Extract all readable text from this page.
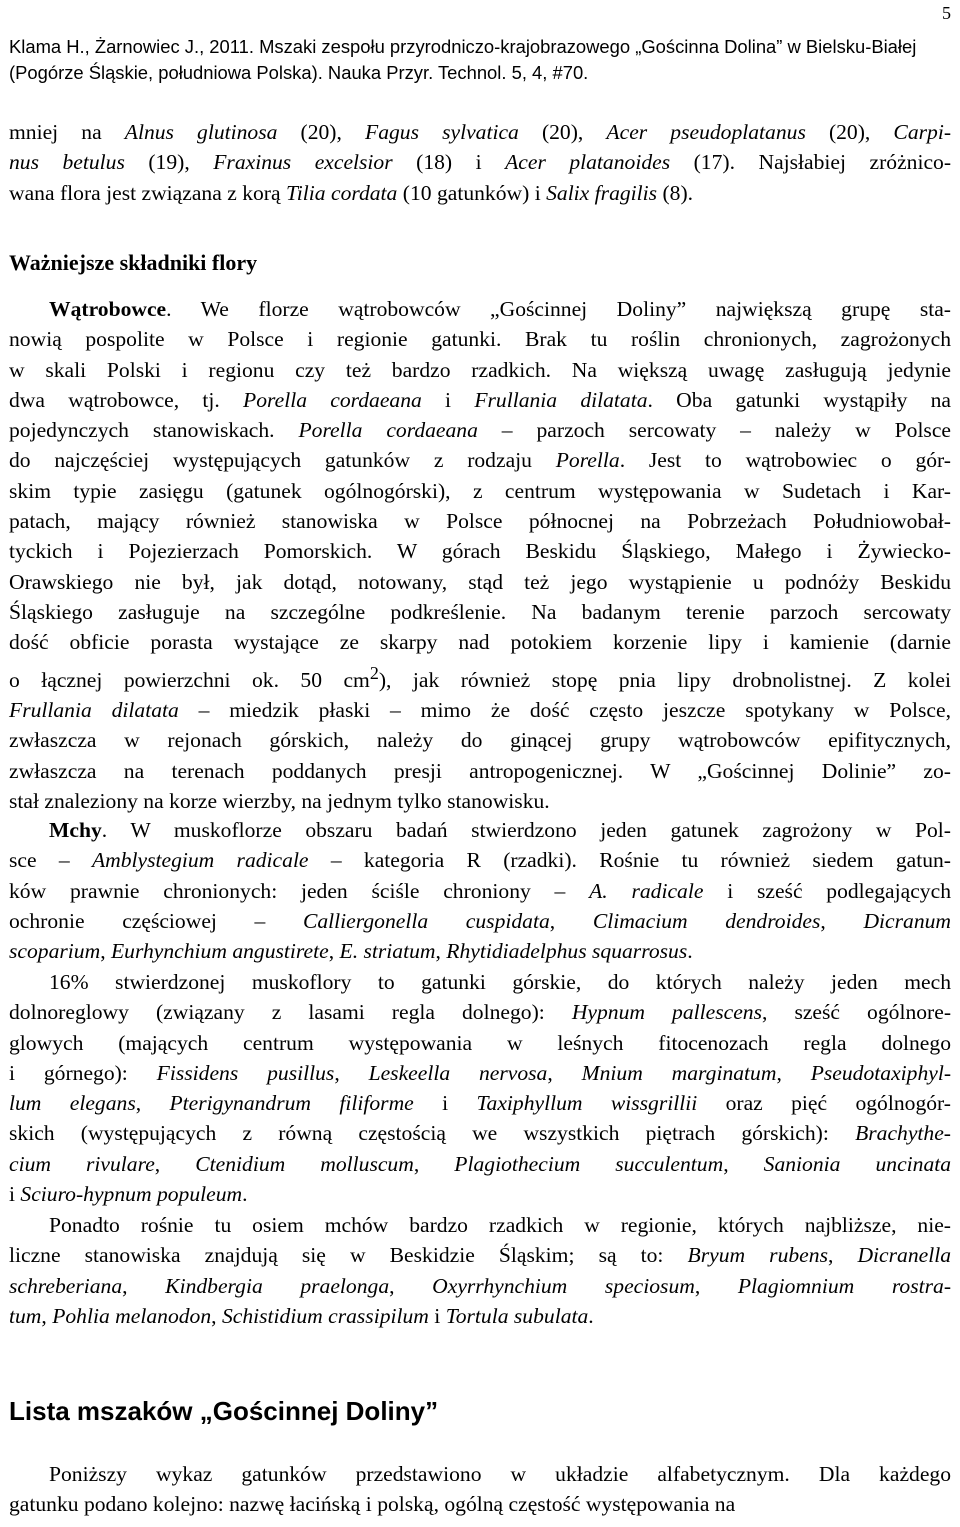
5
Klama H., Żarnowiec J., 2011. Mszaki zespołu przyrodniczo-krajobrazowego „Gościnna Dolina” w Bielsku-Białej
(Pogórze Śląskie, południowa Polska). Nauka Przyr. Technol. 5, 4, #70.
mniej na Alnus glutinosa (20), Fagus sylvatica (20), Acer pseudoplatanus (20), Carpi-
nus betulus (19), Fraxinus excelsior (18) i Acer platanoides (17). Najsłabiej zróżnico-
wana flora jest związana z korą Tilia cordata (10 gatunków) i Salix fragilis (8).
Ważniejsze składniki flory
Wątrobowce. We florze wątrobowców „Gościnnej Doliny” największą grupę sta-
nowią pospolite w Polsce i regionie gatunki. Brak tu roślin chronionych, zagrożonych
w skali Polski i regionu czy też bardzo rzadkich. Na większą uwagę zasługują jedynie
dwa wątrobowce, tj. Porella cordaeana i Frullania dilatata. Oba gatunki wystąpiły na
pojedynczych stanowiskach. Porella cordaeana – parzoch sercowaty – należy w Polsce
do najczęściej występujących gatunków z rodzaju Porella. Jest to wątrobowiec o gór-
skim typie zasięgu (gatunek ogólnogórski), z centrum występowania w Sudetach i Kar-
patach, mający również stanowiska w Polsce północnej na Pobrzeżach Południowobał-
tyckich i Pojezierzach Pomorskich. W górach Beskidu Śląskiego, Małego i Żywiecko-
Orawskiego nie był, jak dotąd, notowany, stąd też jego wystąpienie u podnóży Beskidu
Śląskiego zasługuje na szczególne podkreślenie. Na badanym terenie parzoch sercowaty
dość obficie porasta wystające ze skarpy nad potokiem korzenie lipy i kamienie (darnie
o łącznej powierzchni ok. 50 $cm^2$), jak również stopę pnia lipy drobnolistnej. Z kolei
Frullania dilatata – miedzik płaski – mimo że dość często jeszcze spotykany w Polsce,
zwłaszcza w rejonach górskich, należy do ginącej grupy wątrobowców epifitycznych,
zwłaszcza na terenach poddanych presji antropogenicznej. W „Gościnnej Dolinie” zo-
stał znaleziony na korze wierzby, na jednym tylko stanowisku.
Mchy. W muskoflorze obszaru badań stwierdzono jeden gatunek zagrożony w Pol-
sce – Amblystegium radicale – kategoria R (rzadki). Rośnie tu również siedem gatun-
ków prawnie chronionych: jeden ściśle chroniony – A. radicale i sześć podlegających
ochronie częściowej – Calliergonella cuspidata, Climacium dendroides, Dicranum
scoparium, Eurhynchium angustirete, E. striatum, Rhytidiadelphus squarrosus.
16% stwierdzonej muskoflory to gatunki górskie, do których należy jeden mech
dolnoreglowy (związany z lasami regla dolnego): Hypnum pallescens, sześć ogólnore-
glowych (mających centrum występowania w leśnych fitocenozach regla dolnego
i górnego): Fissidens pusillus, Leskeella nervosa, Mnium marginatum, Pseudotaxiphyl-
lum elegans, Pterigynandrum filiforme i Taxiphyllum wissgrillii oraz pięć ogólnogór-
skich (występujących z równą częstością we wszystkich piętrach górskich): Brachythe-
cium rivulare, Ctenidium molluscum, Plagiothecium succulentum, Sanionia uncinata
i Sciuro-hypnum populeum.
Ponadto rośnie tu osiem mchów bardzo rzadkich w regionie, których najbliższe, nie-
liczne stanowiska znajdują się w Beskidzie Śląskim; są to: Bryum rubens, Dicranella
schreberiana, Kindbergia praelonga, Oxyrrhynchium speciosum, Plagiomnium rostra-
tum, Pohlia melanodon, Schistidium crassipilum i Tortula subulata.
Lista mszaków „Gościnnej Doliny”
Poniższy wykaz gatunków przedstawiono w układzie alfabetycznym. Dla każdego
gatunku podano kolejno: nazwę łacińską i polską, ogólną częstość występowania na
